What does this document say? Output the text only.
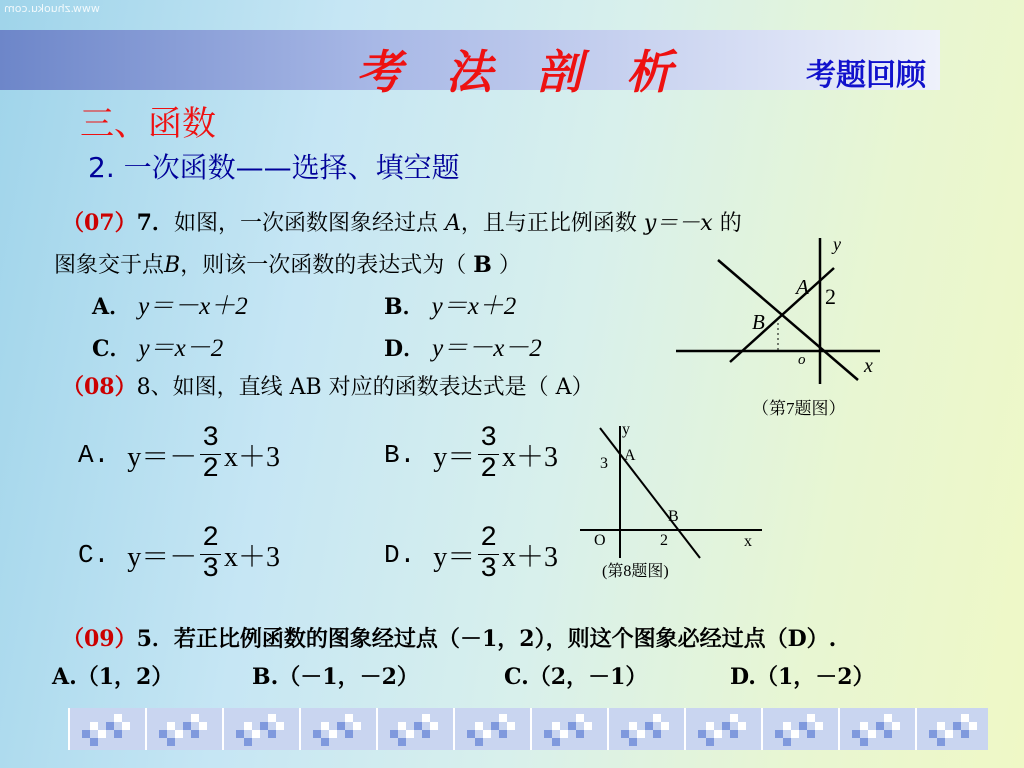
www.zhuoku.com
考 法 剖 析	考题回顾
三、函数
2. 一次函数——选择、填空题
（07）7．如图，一次函数图象经过点 A，且与正比例函数 y＝－x 的
图象交于点B，则该一次函数的表达式为（ B ）
A． y＝－x＋2	B． y＝x＋2
C． y＝x－2	D． y＝－x－2
y
x
o
A 2
B
（第7题图）
（08）8、如图，直线 AB 对应的函数表达式是（ A）
A. $y=- \frac{3}{2} x+3$	B. $y= \frac{3}{2} x+3$
C. $y=- \frac{2}{3} x+3$	D. $y= \frac{2}{3} x+3$
y
x
O
A
B
3
2
(第8题图)
（09）5．若正比例函数的图象经过点（－1，2），则这个图象必经过点（D）.
A.（1，2）	B.（－1，－2）	C.（2，－1）	D.（1，－2）
